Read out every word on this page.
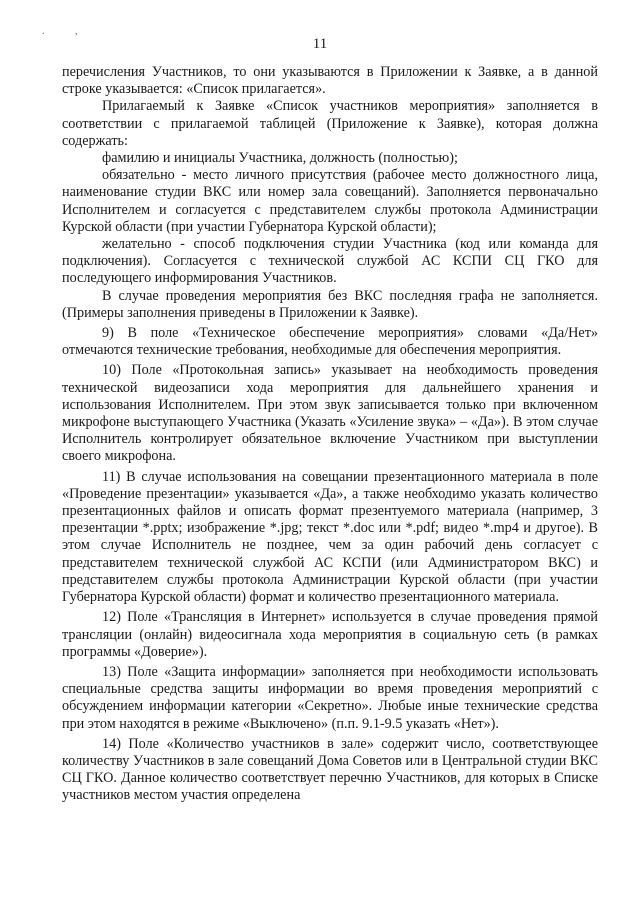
. ,
11

перечисления Участников, то они указываются в Приложении к Заявке, а в данной строке указывается: «Список прилагается».

Прилагаемый к Заявке «Список участников мероприятия» заполняется в соответствии с прилагаемой таблицей (Приложение к Заявке), которая должна содержать:

фамилию и инициалы Участника, должность (полностью);

обязательно - место личного присутствия (рабочее место должностного лица, наименование студии ВКС или номер зала совещаний). Заполняется первоначально Исполнителем и согласуется с представителем службы протокола Администрации Курской области (при участии Губернатора Курской области);

желательно - способ подключения студии Участника (код или команда для подключения). Согласуется с технической службой АС КСПИ СЦ ГКО для последующего информирования Участников.

В случае проведения мероприятия без ВКС последняя графа не заполняется. (Примеры заполнения приведены в Приложении к Заявке).

9) В поле «Техническое обеспечение мероприятия» словами «Да/Нет» отмечаются технические требования, необходимые для обеспечения мероприятия.

10) Поле «Протокольная запись» указывает на необходимость проведения технической видеозаписи хода мероприятия для дальнейшего хранения и использования Исполнителем. При этом звук записывается только при включенном микрофоне выступающего Участника (Указать «Усиление звука» – «Да»). В этом случае Исполнитель контролирует обязательное включение Участником при выступлении своего микрофона.

11) В случае использования на совещании презентационного материала в поле «Проведение презентации» указывается «Да», а также необходимо указать количество презентационных файлов и описать формат презентуемого материала (например, 3 презентации *.pptx; изображение *.jpg; текст *.doc или *.pdf; видео *.mp4 и другое). В этом случае Исполнитель не позднее, чем за один рабочий день согласует с представителем технической службой АС КСПИ (или Администратором ВКС) и представителем службы протокола Администрации Курской области (при участии Губернатора Курской области) формат и количество презентационного материала.

12) Поле «Трансляция в Интернет» используется в случае проведения прямой трансляции (онлайн) видеосигнала хода мероприятия в социальную сеть (в рамках программы «Доверие»).

13) Поле «Защита информации» заполняется при необходимости использовать специальные средства защиты информации во время проведения мероприятий с обсуждением информации категории «Секретно». Любые иные технические средства при этом находятся в режиме «Выключено» (п.п. 9.1-9.5 указать «Нет»).

14) Поле «Количество участников в зале» содержит число, соответствующее количеству Участников в зале совещаний Дома Советов или в Центральной студии ВКС СЦ ГКО. Данное количество соответствует перечню Участников, для которых в Списке участников местом участия определена
